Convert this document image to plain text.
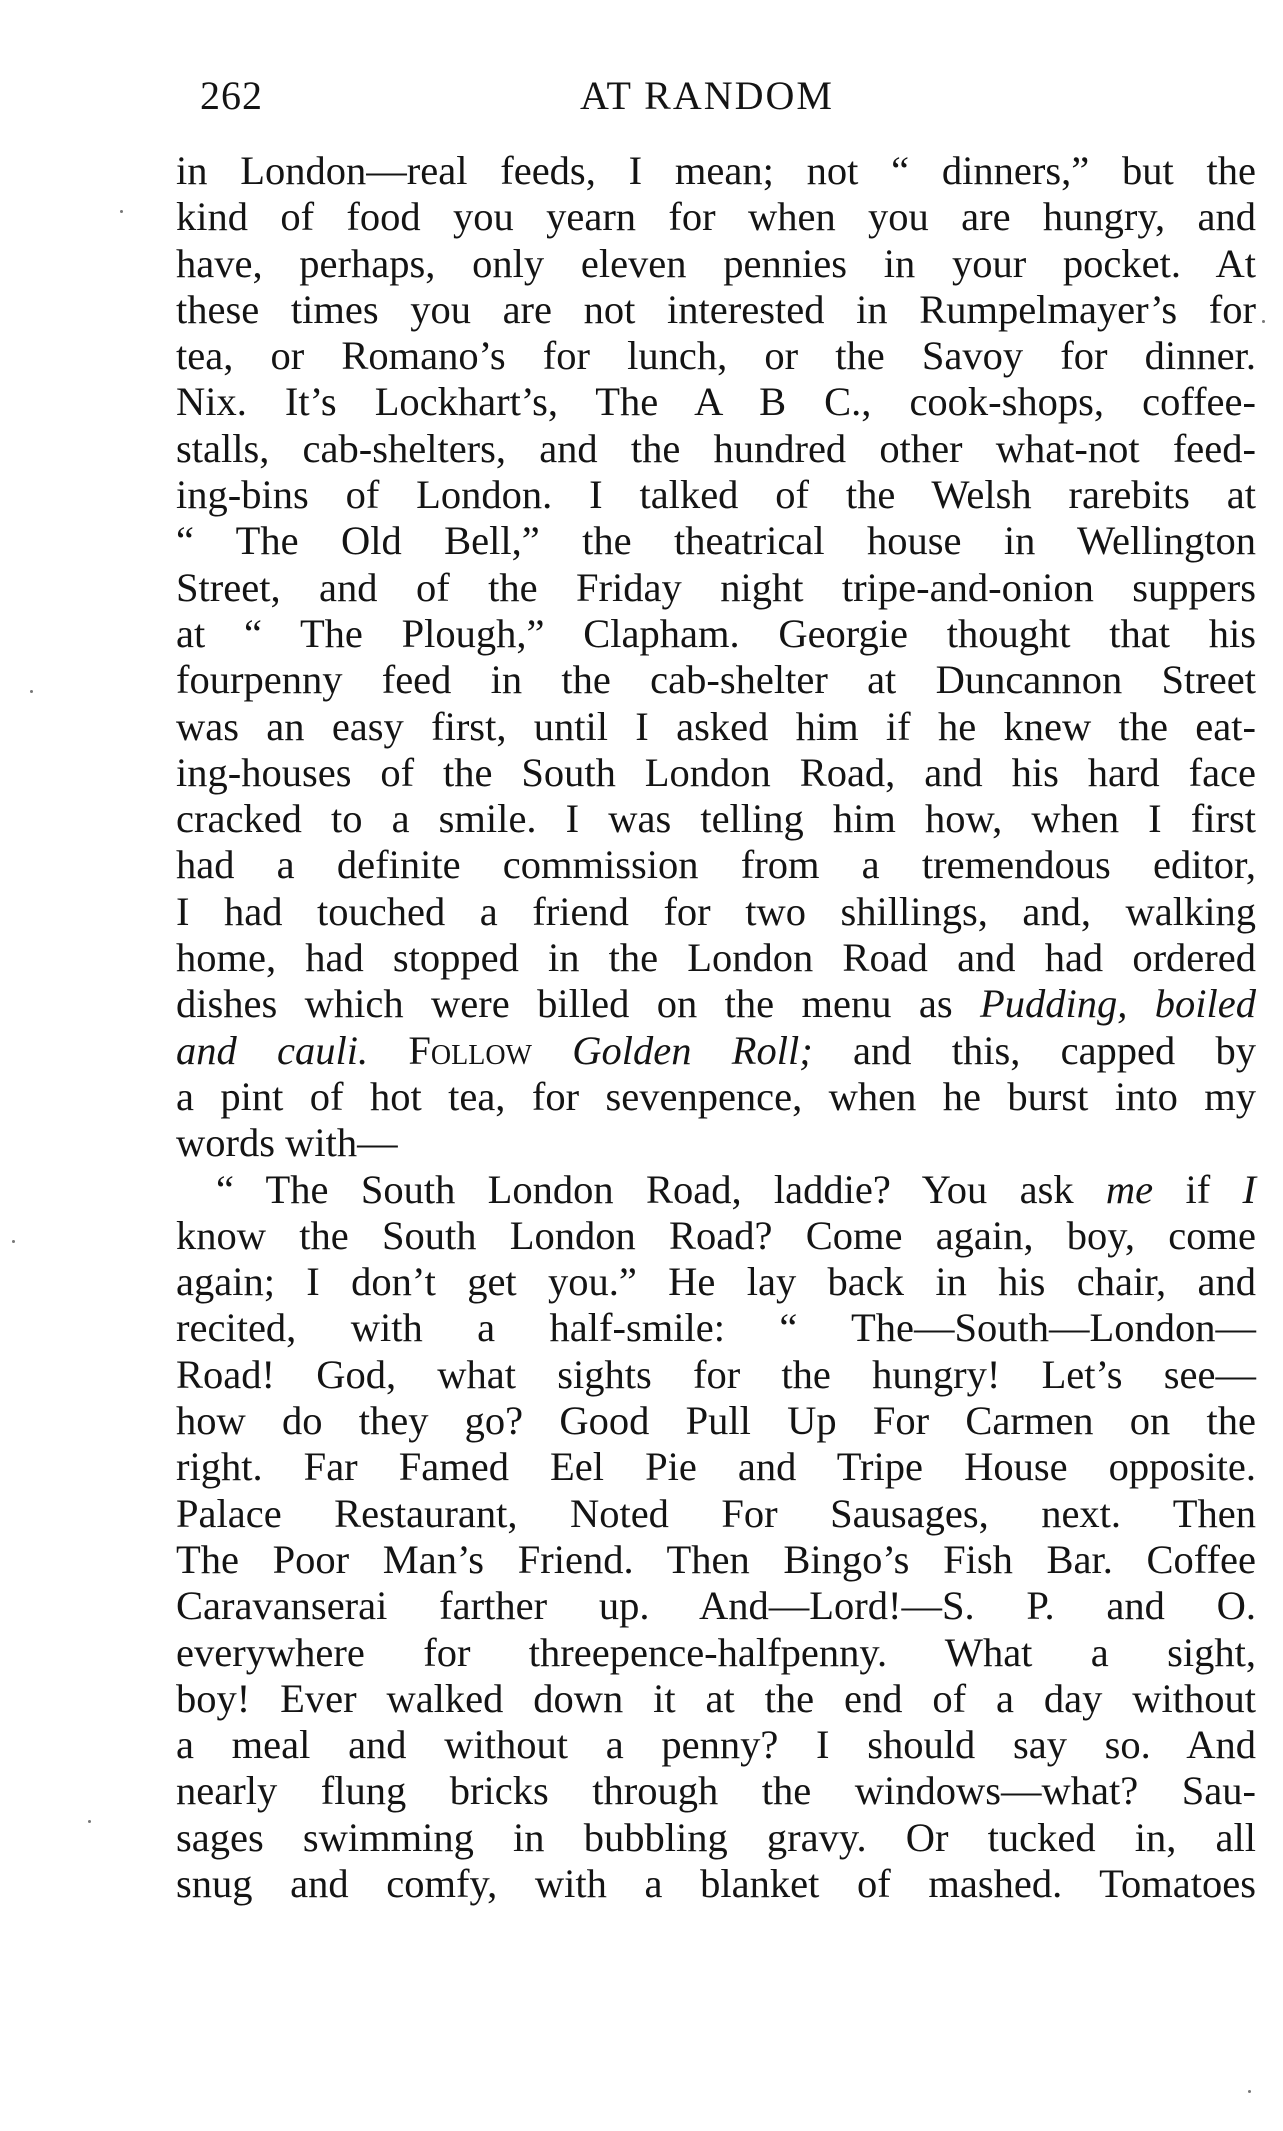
262	AT RANDOM

in London—real feeds, I mean; not “ dinners,” but the
kind of food you yearn for when you are hungry, and
have, perhaps, only eleven pennies in your pocket. At
these times you are not interested in Rumpelmayer’s for
tea, or Romano’s for lunch, or the Savoy for dinner.
Nix. It’s Lockhart’s, The A B C., cook-shops, coffee-
stalls, cab-shelters, and the hundred other what-not feed-
ing-bins of London. I talked of the Welsh rarebits at
“ The Old Bell,” the theatrical house in Wellington
Street, and of the Friday night tripe-and-onion suppers
at “ The Plough,” Clapham. Georgie thought that his
fourpenny feed in the cab-shelter at Duncannon Street
was an easy first, until I asked him if he knew the eat-
ing-houses of the South London Road, and his hard face
cracked to a smile. I was telling him how, when I first
had a definite commission from a tremendous editor,
I had touched a friend for two shillings, and, walking
home, had stopped in the London Road and had ordered
dishes which were billed on the menu as Pudding, boiled
and cauli. Follow Golden Roll; and this, capped by
a pint of hot tea, for sevenpence, when he burst into my
words with—

“ The South London Road, laddie? You ask me if I
know the South London Road? Come again, boy, come
again; I don’t get you.” He lay back in his chair, and
recited, with a half-smile: “ The—South—London—
Road! God, what sights for the hungry! Let’s see—
how do they go? Good Pull Up For Carmen on the
right. Far Famed Eel Pie and Tripe House opposite.
Palace Restaurant, Noted For Sausages, next. Then
The Poor Man’s Friend. Then Bingo’s Fish Bar. Coffee
Caravanserai farther up. And—Lord!—S. P. and O.
everywhere for threepence-halfpenny. What a sight,
boy! Ever walked down it at the end of a day without
a meal and without a penny? I should say so. And
nearly flung bricks through the windows—what? Sau-
sages swimming in bubbling gravy. Or tucked in, all
snug and comfy, with a blanket of mashed. Tomatoes
